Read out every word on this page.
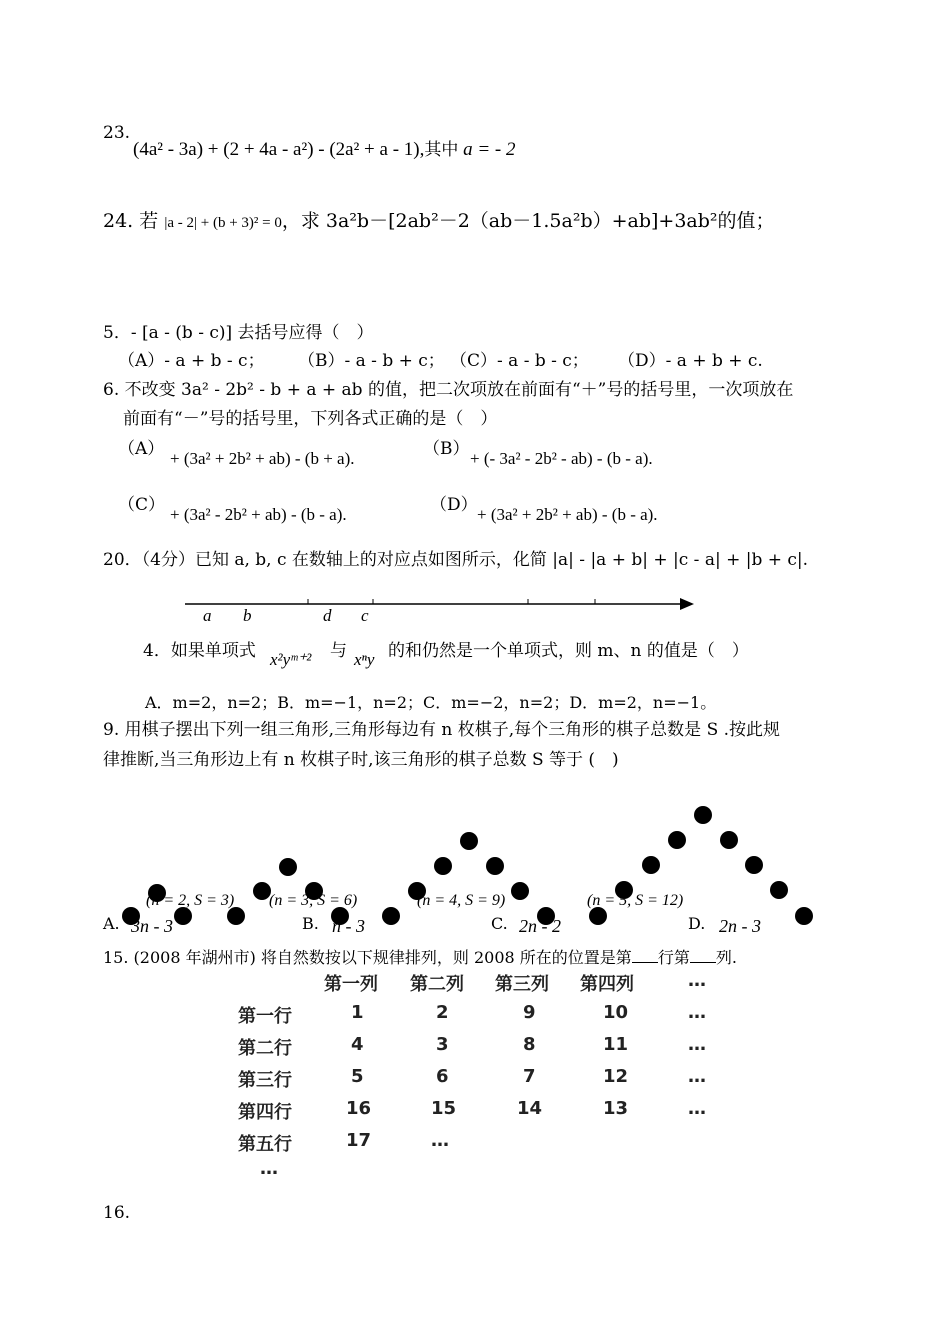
23.
(4a² - 3a) + (2 + 4a - a²) - (2a² + a - 1),其中 a = - 2
24. 若 |a - 2| + (b + 3)² = 0，求 3a²b－[2ab²－2（ab－1.5a²b）+ab]+3ab²的值；
5．- [a - (b - c)] 去括号应得（　）
（A）- a + b - c； （B）- a - b + c； （C）- a - b - c； （D）- a + b + c.
6. 不改变 3a² - 2b² - b + a + ab 的值，把二次项放在前面有“＋”号的括号里，一次项放在
前面有“－”号的括号里，下列各式正确的是（　）
（A） + (3a² + 2b² + ab) - (b + a).	（B） + (- 3a² - 2b² - ab) - (b - a).
（C） + (3a² - 2b² + ab) - (b - a).	（D） + (3a² + 2b² + ab) - (b - a).
20．（4分）已知 a, b, c 在数轴上的对应点如图所示，化简 |a| - |a + b| + |c - a| + |b + c|.
a b	d c
4．如果单项式 x²yᵐ⁺² 与 xⁿy 的和仍然是一个单项式，则 m、n 的值是（　）
A．m=2，n=2；B．m=−1，n=2；C．m=−2，n=2；D．m=2，n=−1。
9. 用棋子摆出下列一组三角形,三角形每边有 n 枚棋子,每个三角形的棋子总数是 S .按此规
律推断,当三角形边上有 n 枚棋子时,该三角形的棋子总数 S 等于 (　)
(n = 2, S = 3) (n = 3, S = 6)	(n = 4, S = 9)	(n = 5, S = 12)
A. 3n - 3	B. n - 3	C. 2n - 2	D. 2n - 3
15. (2008 年湖州市) 将自然数按以下规律排列，则 2008 所在的位置是第 行第 列.
第一列 第二列 第三列 第四列	…
第一行	1	2	9	10	…
第二行	4	3	8	11	…
第三行	5	6	7	12	…
第四行	16	15	14	13	…
第五行	17	…
…
16.
